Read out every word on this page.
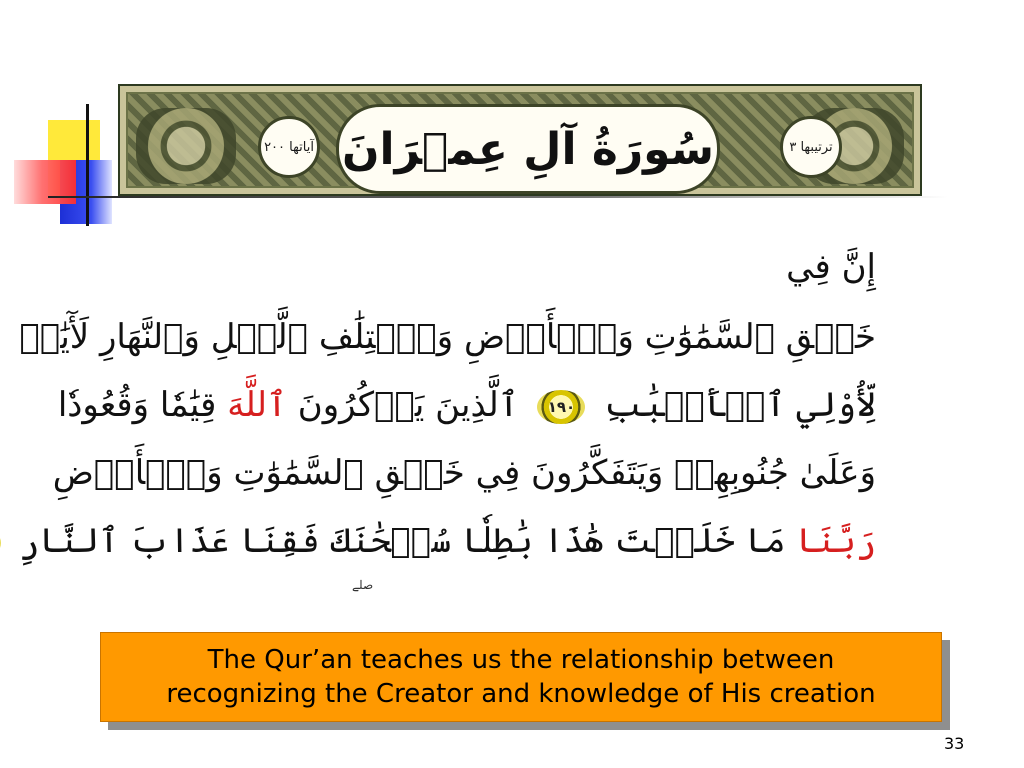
آياتها ٢٠٠ سُورَةُ آلِ عِمۡرَانَ	ترتيبها ٣
إِنَّ فِي
خَلۡقِ ٱلسَّمَٰوَٰتِ وَٱلۡأَرۡضِ وَٱخۡتِلَٰفِ ٱلَّيۡلِ وَٱلنَّهَارِ لَأٓيَٰتٖ
لِّأُوْلِي ٱلۡأَلۡبَٰبِ ١٩٠ ٱلَّذِينَ يَذۡكُرُونَ ٱللَّهَ قِيَٰمٗا وَقُعُودٗا
وَعَلَىٰ جُنُوبِهِمۡ وَيَتَفَكَّرُونَ فِي خَلۡقِ ٱلسَّمَٰوَٰتِ وَٱلۡأَرۡضِ
رَبَّنَا مَا خَلَقۡتَ هَٰذَا بَٰطِلٗا سُبۡحَٰنَكَ فَقِنَا عَذَابَ ٱلنَّارِ
صلے
The Qur’an teaches us the relationship between
recognizing the Creator and knowledge of His creation
33
